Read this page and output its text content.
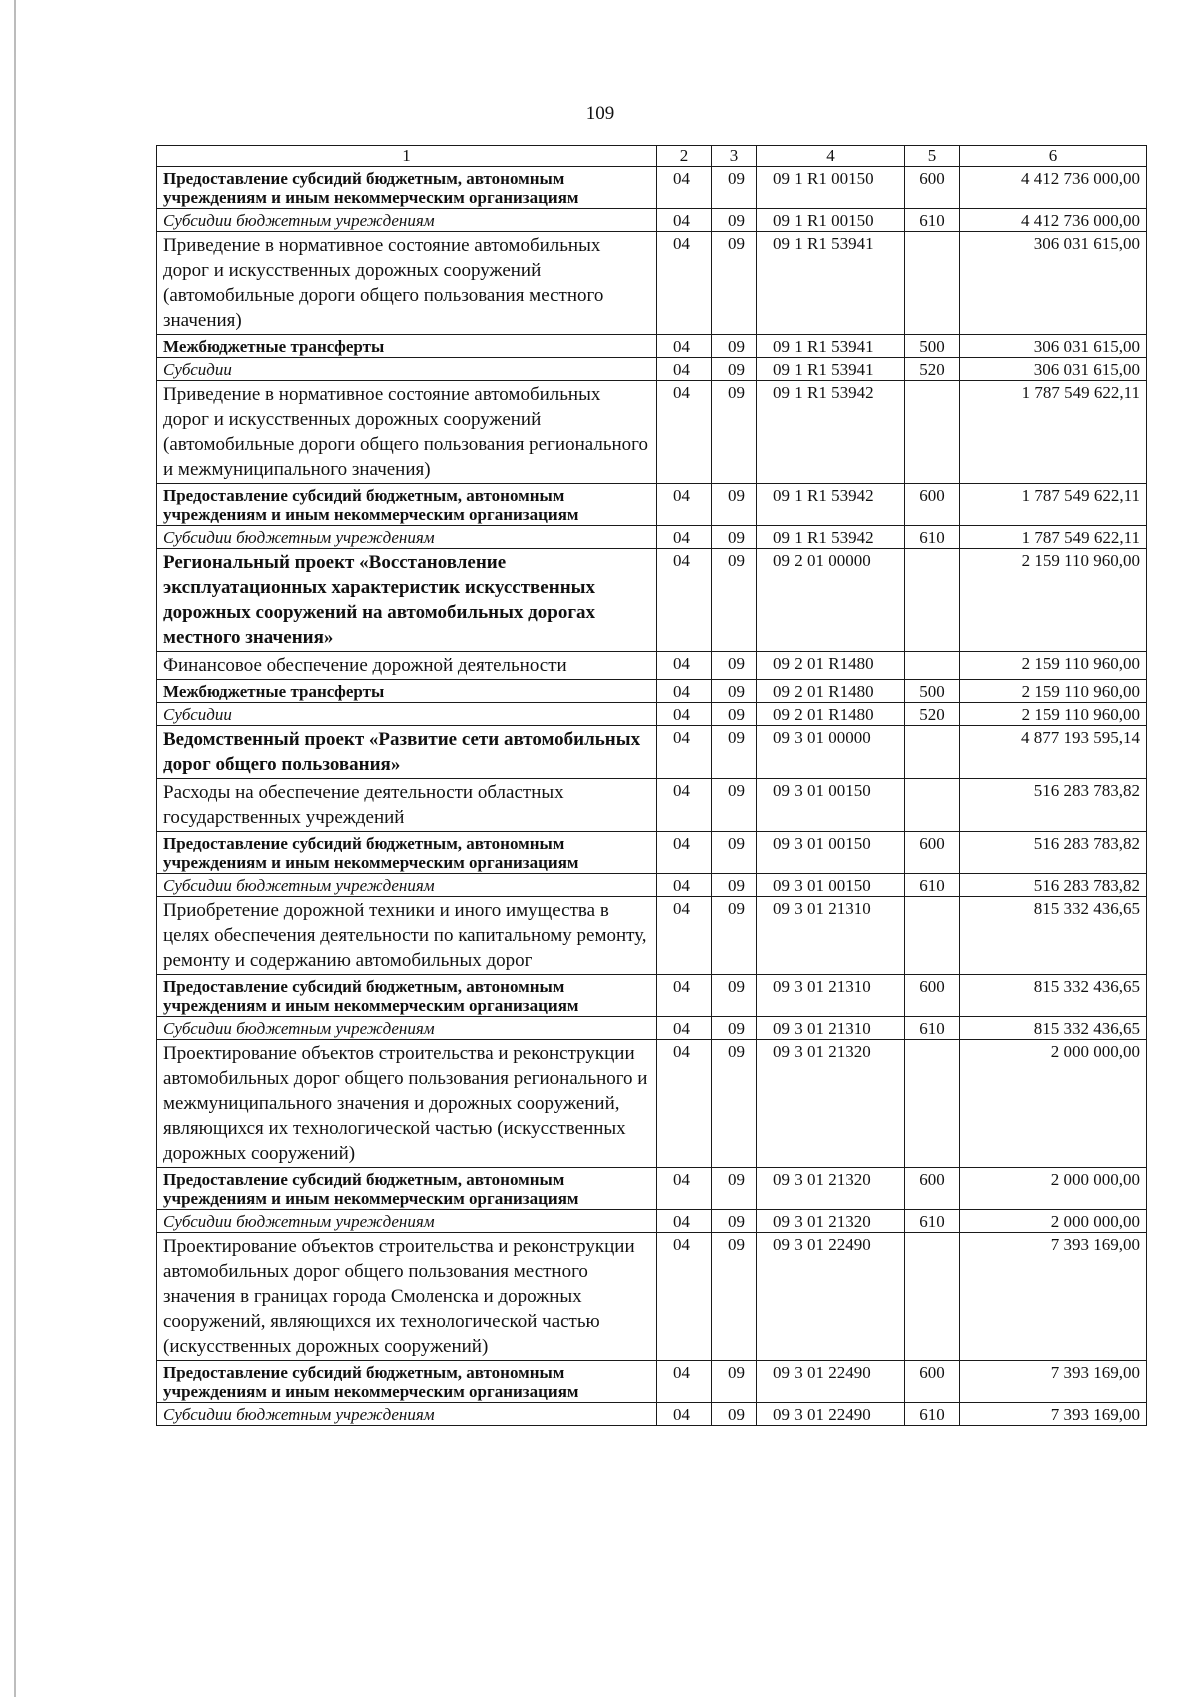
109
1	2	3	4	5	6
Предоставление субсидий бюджетным, автономным учреждениям и иным некоммерческим организациям	04	09	09 1 R1 00150	600	4 412 736 000,00
Субсидии бюджетным учреждениям	04	09	09 1 R1 00150	610	4 412 736 000,00
Приведение в нормативное состояние автомобильных дорог и искусственных дорожных сооружений (автомобильные дороги общего пользования местного значения)	04	09	09 1 R1 53941		306 031 615,00
Межбюджетные трансферты	04	09	09 1 R1 53941	500	306 031 615,00
Субсидии	04	09	09 1 R1 53941	520	306 031 615,00
Приведение в нормативное состояние автомобильных дорог и искусственных дорожных сооружений (автомобильные дороги общего пользования регионального и межмуниципального значения)	04	09	09 1 R1 53942		1 787 549 622,11
Предоставление субсидий бюджетным, автономным учреждениям и иным некоммерческим организациям	04	09	09 1 R1 53942	600	1 787 549 622,11
Субсидии бюджетным учреждениям	04	09	09 1 R1 53942	610	1 787 549 622,11
Региональный проект «Восстановление эксплуатационных характеристик искусственных дорожных сооружений на автомобильных дорогах местного значения»	04	09	09 2 01 00000		2 159 110 960,00
Финансовое обеспечение дорожной деятельности	04	09	09 2 01 R1480		2 159 110 960,00
Межбюджетные трансферты	04	09	09 2 01 R1480	500	2 159 110 960,00
Субсидии	04	09	09 2 01 R1480	520	2 159 110 960,00
Ведомственный проект «Развитие сети автомобильных дорог общего пользования»	04	09	09 3 01 00000		4 877 193 595,14
Расходы на обеспечение деятельности областных государственных учреждений	04	09	09 3 01 00150		516 283 783,82
Предоставление субсидий бюджетным, автономным учреждениям и иным некоммерческим организациям	04	09	09 3 01 00150	600	516 283 783,82
Субсидии бюджетным учреждениям	04	09	09 3 01 00150	610	516 283 783,82
Приобретение дорожной техники и иного имущества в целях обеспечения деятельности по капитальному ремонту, ремонту и содержанию автомобильных дорог	04	09	09 3 01 21310		815 332 436,65
Предоставление субсидий бюджетным, автономным учреждениям и иным некоммерческим организациям	04	09	09 3 01 21310	600	815 332 436,65
Субсидии бюджетным учреждениям	04	09	09 3 01 21310	610	815 332 436,65
Проектирование объектов строительства и реконструкции автомобильных дорог общего пользования регионального и межмуниципального значения и дорожных сооружений, являющихся их технологической частью (искусственных дорожных сооружений)	04	09	09 3 01 21320		2 000 000,00
Предоставление субсидий бюджетным, автономным учреждениям и иным некоммерческим организациям	04	09	09 3 01 21320	600	2 000 000,00
Субсидии бюджетным учреждениям	04	09	09 3 01 21320	610	2 000 000,00
Проектирование объектов строительства и реконструкции автомобильных дорог общего пользования местного значения в границах города Смоленска и дорожных сооружений, являющихся их технологической частью (искусственных дорожных сооружений)	04	09	09 3 01 22490		7 393 169,00
Предоставление субсидий бюджетным, автономным учреждениям и иным некоммерческим организациям	04	09	09 3 01 22490	600	7 393 169,00
Субсидии бюджетным учреждениям	04	09	09 3 01 22490	610	7 393 169,00
